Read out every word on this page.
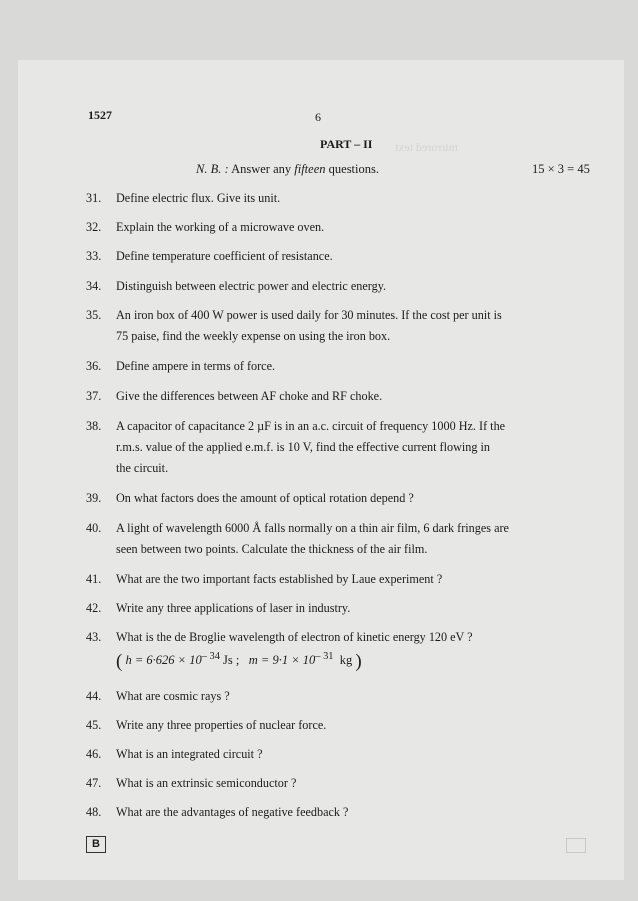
mirrored text
1527	6
PART – II
N. B. : Answer any fifteen questions.	15 × 3 = 45
31. Define electric flux. Give its unit.
32. Explain the working of a microwave oven.
33. Define temperature coefficient of resistance.
34. Distinguish between electric power and electric energy.
35. An iron box of 400 W power is used daily for 30 minutes. If the cost per unit is
75 paise, find the weekly expense on using the iron box.
36. Define ampere in terms of force.
37. Give the differences between AF choke and RF choke.
38. A capacitor of capacitance 2 µF is in an a.c. circuit of frequency 1000 Hz. If the
r.m.s. value of the applied e.m.f. is 10 V, find the effective current flowing in
the circuit.
39. On what factors does the amount of optical rotation depend ?
40. A light of wavelength 6000 Å falls normally on a thin air film, 6 dark fringes are
seen between two points. Calculate the thickness of the air film.
41. What are the two important facts established by Laue experiment ?
42. Write any three applications of laser in industry.
43. What is the de Broglie wavelength of electron of kinetic energy 120 eV ?
( $h = 6\cdot 626 \times 10^{- 34}$ Js ; $m = 9\cdot 1 \times 10^{- 31}$ kg )
44. What are cosmic rays ?
45. Write any three properties of nuclear force.
46. What is an integrated circuit ?
47. What is an extrinsic semiconductor ?
48. What are the advantages of negative feedback ?
B
